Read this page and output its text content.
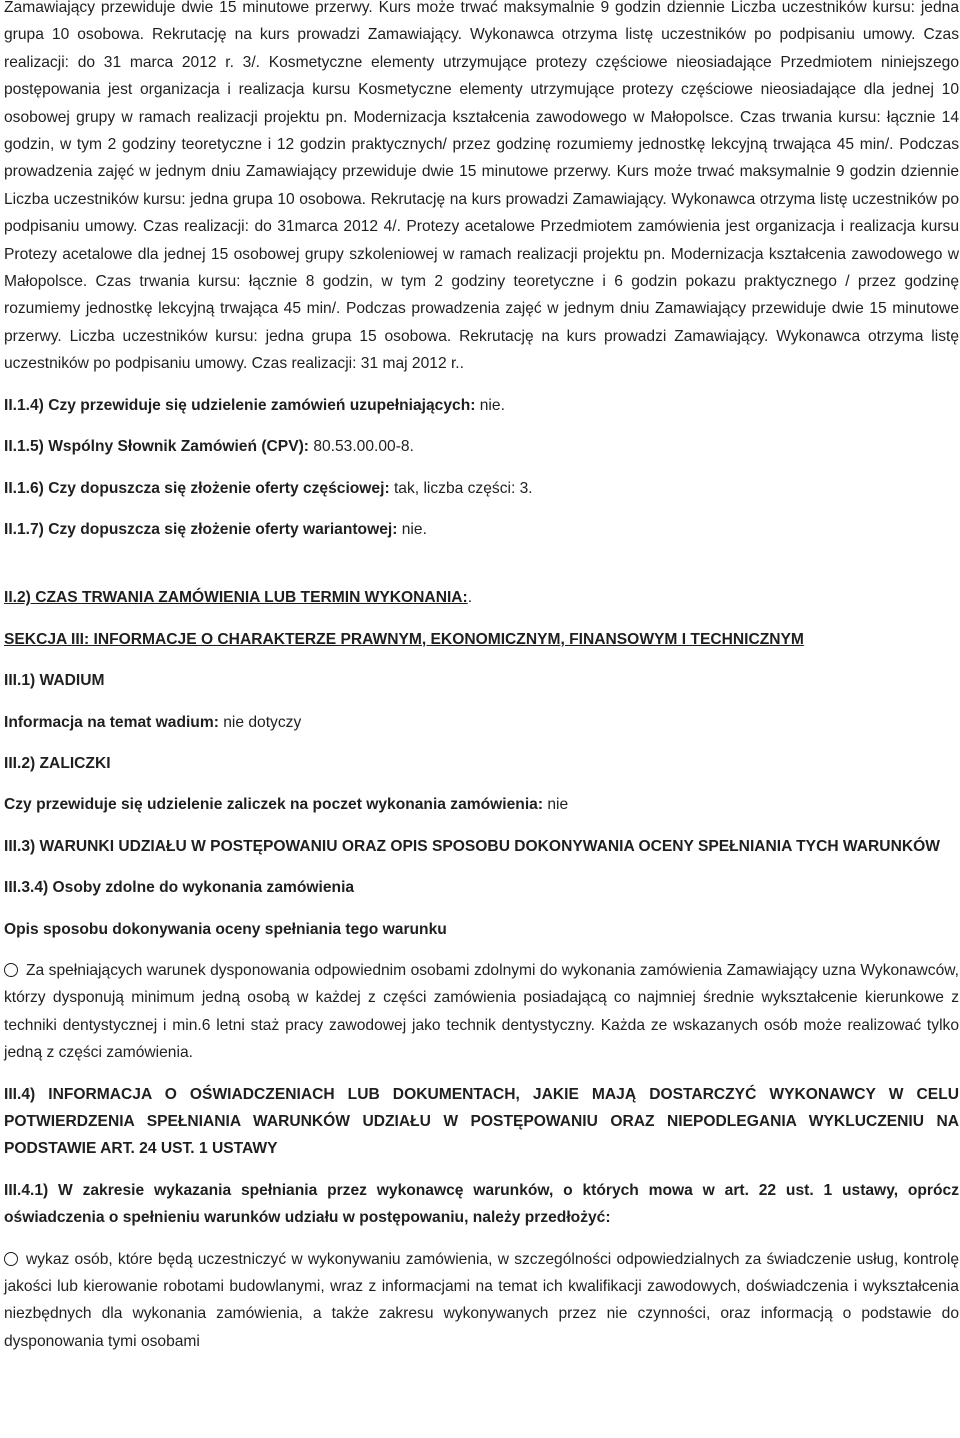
Zamawiający przewiduje dwie 15 minutowe przerwy. Kurs może trwać maksymalnie 9 godzin dziennie Liczba uczestników kursu: jedna grupa 10 osobowa. Rekrutację na kurs prowadzi Zamawiający. Wykonawca otrzyma listę uczestników po podpisaniu umowy. Czas realizacji: do 31 marca 2012 r. 3/. Kosmetyczne elementy utrzymujące protezy częściowe nieosiadające Przedmiotem niniejszego postępowania jest organizacja i realizacja kursu Kosmetyczne elementy utrzymujące protezy częściowe nieosiadające dla jednej 10 osobowej grupy w ramach realizacji projektu pn. Modernizacja kształcenia zawodowego w Małopolsce. Czas trwania kursu: łącznie 14 godzin, w tym 2 godziny teoretyczne i 12 godzin praktycznych/ przez godzinę rozumiemy jednostkę lekcyjną trwająca 45 min/. Podczas prowadzenia zajęć w jednym dniu Zamawiający przewiduje dwie 15 minutowe przerwy. Kurs może trwać maksymalnie 9 godzin dziennie Liczba uczestników kursu: jedna grupa 10 osobowa. Rekrutację na kurs prowadzi Zamawiający. Wykonawca otrzyma listę uczestników po podpisaniu umowy. Czas realizacji: do 31marca 2012 4/. Protezy acetalowe Przedmiotem zamówienia jest organizacja i realizacja kursu Protezy acetalowe dla jednej 15 osobowej grupy szkoleniowej w ramach realizacji projektu pn. Modernizacja kształcenia zawodowego w Małopolsce. Czas trwania kursu: łącznie 8 godzin, w tym 2 godziny teoretyczne i 6 godzin pokazu praktycznego / przez godzinę rozumiemy jednostkę lekcyjną trwająca 45 min/. Podczas prowadzenia zajęć w jednym dniu Zamawiający przewiduje dwie 15 minutowe przerwy. Liczba uczestników kursu: jedna grupa 15 osobowa. Rekrutację na kurs prowadzi Zamawiający. Wykonawca otrzyma listę uczestników po podpisaniu umowy. Czas realizacji: 31 maj 2012 r..

II.1.4) Czy przewiduje się udzielenie zamówień uzupełniających: nie.
II.1.5) Wspólny Słownik Zamówień (CPV): 80.53.00.00-8.
II.1.6) Czy dopuszcza się złożenie oferty częściowej: tak, liczba części: 3.
II.1.7) Czy dopuszcza się złożenie oferty wariantowej: nie.
II.2) CZAS TRWANIA ZAMÓWIENIA LUB TERMIN WYKONANIA:.
SEKCJA III: INFORMACJE O CHARAKTERZE PRAWNYM, EKONOMICZNYM, FINANSOWYM I TECHNICZNYM
III.1) WADIUM
Informacja na temat wadium: nie dotyczy
III.2) ZALICZKI
Czy przewiduje się udzielenie zaliczek na poczet wykonania zamówienia: nie
III.3) WARUNKI UDZIAŁU W POSTĘPOWANIU ORAZ OPIS SPOSOBU DOKONYWANIA OCENY SPEŁNIANIA TYCH WARUNKÓW
III.3.4) Osoby zdolne do wykonania zamówienia
Opis sposobu dokonywania oceny spełniania tego warunku

Za spełniających warunek dysponowania odpowiednim osobami zdolnymi do wykonania zamówienia Zamawiający uzna Wykonawców, którzy dysponują minimum jedną osobą w każdej z części zamówienia posiadającą co najmniej średnie wykształcenie kierunkowe z techniki dentystycznej i min.6 letni staż pracy zawodowej jako technik dentystyczny. Każda ze wskazanych osób może realizować tylko jedną z części zamówienia.

III.4) INFORMACJA O OŚWIADCZENIACH LUB DOKUMENTACH, JAKIE MAJĄ DOSTARCZYĆ WYKONAWCY W CELU POTWIERDZENIA SPEŁNIANIA WARUNKÓW UDZIAŁU W POSTĘPOWANIU ORAZ NIEPODLEGANIA WYKLUCZENIU NA PODSTAWIE ART. 24 UST. 1 USTAWY
III.4.1) W zakresie wykazania spełniania przez wykonawcę warunków, o których mowa w art. 22 ust. 1 ustawy, oprócz oświadczenia o spełnieniu warunków udziału w postępowaniu, należy przedłożyć:

wykaz osób, które będą uczestniczyć w wykonywaniu zamówienia, w szczególności odpowiedzialnych za świadczenie usług, kontrolę jakości lub kierowanie robotami budowlanymi, wraz z informacjami na temat ich kwalifikacji zawodowych, doświadczenia i wykształcenia niezbędnych dla wykonania zamówienia, a także zakresu wykonywanych przez nie czynności, oraz informacją o podstawie do dysponowania tymi osobami
